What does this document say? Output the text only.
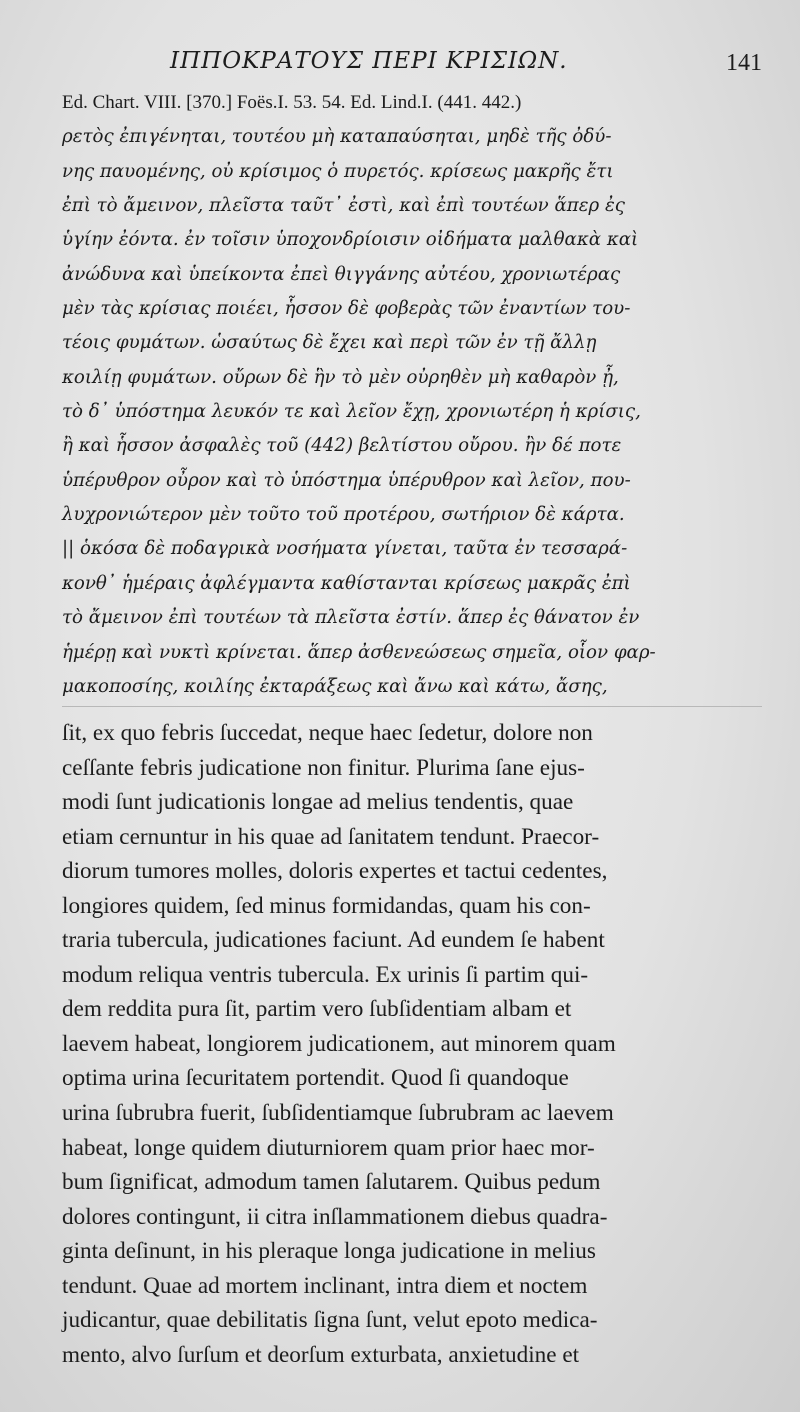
ΙΠΠΟΚΡΑΤΟΥΣ ΠΕΡΙ ΚΡΙΣΙΩΝ.	141
Ed. Chart. VIII. [370.] Foës.I. 53. 54. Ed. Lind.I. (441. 442.)
ρετὸς ἐπιγένηται, τουτέου μὴ καταπαύσηται, μηδὲ τῆς ὀδύ-
νης παυομένης, οὐ κρίσιμος ὁ πυρετός. κρίσεως μακρῆς ἔτι
ἐπὶ τὸ ἄμεινον, πλεῖστα ταῦτ᾽ ἐστὶ, καὶ ἐπὶ τουτέων ἅπερ ἐς
ὑγίην ἐόντα. ἐν τοῖσιν ὑποχονδρίοισιν οἰδήματα μαλθακὰ καὶ
ἀνώδυνα καὶ ὑπείκοντα ἐπεὶ θιγγάνης αὐτέου, χρονιωτέρας
μὲν τὰς κρίσιας ποιέει, ἧσσον δὲ φοβερὰς τῶν ἐναντίων του-
τέοις φυμάτων. ὡσαύτως δὲ ἔχει καὶ περὶ τῶν ἐν τῇ ἄλλῃ
κοιλίῃ φυμάτων. οὔρων δὲ ἣν τὸ μὲν οὐρηθὲν μὴ καθαρὸν ᾖ,
τὸ δ᾽ ὑπόστημα λευκόν τε καὶ λεῖον ἔχῃ, χρονιωτέρη ἡ κρίσις,
ἢ καὶ ἧσσον ἀσφαλὲς τοῦ (442) βελτίστου οὔρου. ἢν δέ ποτε
ὑπέρυθρον οὖρον καὶ τὸ ὑπόστημα ὑπέρυθρον καὶ λεῖον, που-
λυχρονιώτερον μὲν τοῦτο τοῦ προτέρου, σωτήριον δὲ κάρτα.
|| ὁκόσα δὲ ποδαγρικὰ νοσήματα γίνεται, ταῦτα ἐν τεσσαρά-
κονθ᾽ ἡμέραις ἀφλέγμαντα καθίστανται κρίσεως μακρᾶς ἐπὶ
τὸ ἄμεινον ἐπὶ τουτέων τὰ πλεῖστα ἐστίν. ἅπερ ἐς θάνατον ἐν
ἡμέρῃ καὶ νυκτὶ κρίνεται. ἅπερ ἀσθενεώσεως σημεῖα, οἷον φαρ-
μακοποσίης, κοιλίης ἐκταράξεως καὶ ἄνω καὶ κάτω, ἄσης,
ſit, ex quo febris ſuccedat, neque haec ſedetur, dolore non
ceſſante febris judicatione non finitur. Plurima ſane ejus-
modi ſunt judicationis longae ad melius tendentis, quae
etiam cernuntur in his quae ad ſanitatem tendunt. Praecor-
diorum tumores molles, doloris expertes et tactui cedentes,
longiores quidem, ſed minus formidandas, quam his con-
traria tubercula, judicationes faciunt. Ad eundem ſe habent
modum reliqua ventris tubercula. Ex urinis ſi partim qui-
dem reddita pura ſit, partim vero ſubſidentiam albam et
laevem habeat, longiorem judicationem, aut minorem quam
optima urina ſecuritatem portendit. Quod ſi quandoque
urina ſubrubra fuerit, ſubſidentiamque ſubrubram ac laevem
habeat, longe quidem diuturniorem quam prior haec mor-
bum ſignificat, admodum tamen ſalutarem. Quibus pedum
dolores contingunt, ii citra inſlammationem diebus quadra-
ginta deſinunt, in his pleraque longa judicatione in melius
tendunt. Quae ad mortem inclinant, intra diem et noctem
judicantur, quae debilitatis ſigna ſunt, velut epoto medica-
mento, alvo ſurſum et deorſum exturbata, anxietudine et
